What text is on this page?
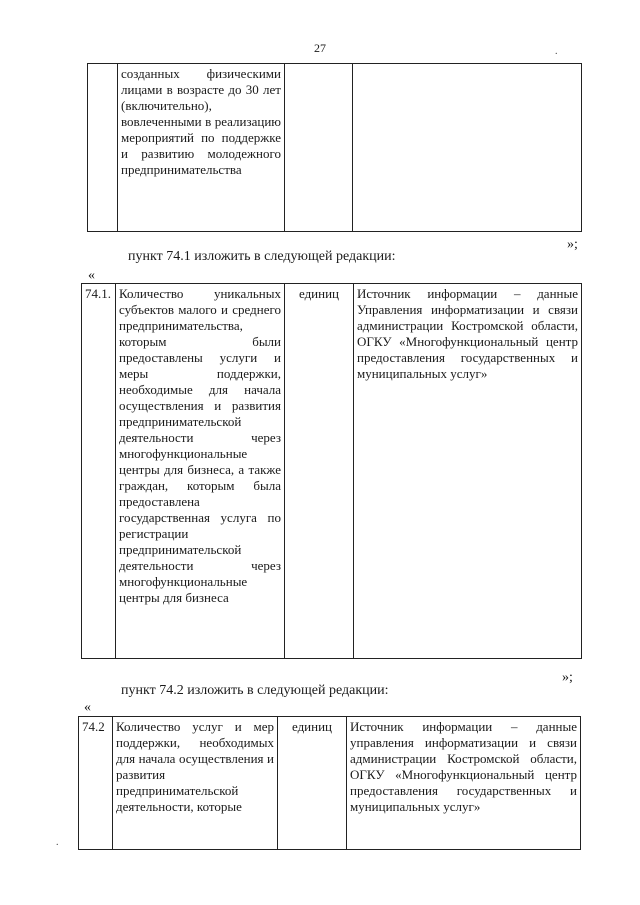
27	.
.
	созданных физическими лицами в возрасте до 30 лет (включительно), вовлеченными в реализацию мероприятий по поддержке и развитию молодежного предпринимательства		
»;
пункт 74.1 изложить в следующей редакции:
«
74.1.	Количество уникальных субъектов малого и среднего предпринимательства, которым были предоставлены услуги и меры поддержки, необходимые для начала осуществления и развития предпринимательской деятельности через многофункциональные центры для бизнеса, а также граждан, которым была предоставлена государственная услуга по регистрации предпринимательской деятельности через многофункциональные центры для бизнеса	единиц	Источник информации – данные Управления информатизации и связи администрации Костромской области, ОГКУ «Многофункциональный центр предоставления государственных и муниципальных услуг»
»;
пункт 74.2 изложить в следующей редакции:
«
74.2	Количество услуг и мер поддержки, необходимых для начала осуществления и развития предпринимательской деятельности, которые	единиц	Источник информации – данные управления информатизации и связи администрации Костромской области, ОГКУ «Многофункциональный центр предоставления государственных и муниципальных услуг»
